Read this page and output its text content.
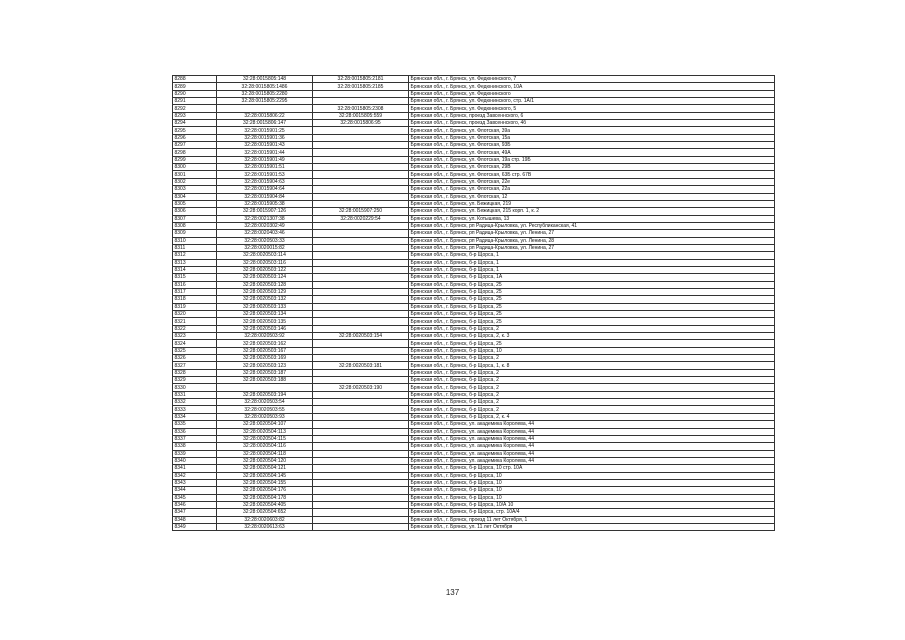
8288	32:28:0015805:148	32:28:0015805:2181	Брянская обл., г. Брянск, ул. Федюнинского, 7
8289	32:28:0015805:1486	32:28:0015805:2185	Брянская обл., г. Брянск, ул. Федюнинского, 10А
8290	32:28:0015805:2280		Брянская обл., г. Брянск, ул. Федюнинского
8291	32:28:0015805:2295		Брянская обл., г. Брянск, ул. Федюнинского, стр. 1А/1
8292		32:28:0015805:2308	Брянская обл., г. Брянск, ул. Федюнинского, 5
8293	32:28:0015806:22	32:28:0015805:559	Брянская обл., г. Брянск, проезд Завсеннского, 6
8294	32:28:0015806:147	32:28:0015806:95	Брянская обл., г. Брянск, проезд Завсеннского, 4б
8295	32:28:0015901:25		Брянская обл., г. Брянск, ул. Флотская, 39а
8296	32:28:0015901:36		Брянская обл., г. Брянск, ул. Флотская, 15а
8297	32:28:0015901:43		Брянская обл., г. Брянск, ул. Флотская, 93Б
8298	32:28:0015901:44		Брянская обл., г. Брянск, ул. Флотская, 49А
8299	32:28:0015901:49		Брянская обл., г. Брянск, ул. Флотская, 19а стр. 19Б
8300	32:28:0015901:51		Брянская обл., г. Брянск, ул. Флотская, 29В
8301	32:28:0015901:53		Брянская обл., г. Брянск, ул. Флотская, 63Б стр. 67В
8302	32:28:0015904:63		Брянская обл., г. Брянск, ул. Флотская, 22е
8303	32:28:0015904:64		Брянская обл., г. Брянск, ул. Флотская, 22а
8304	32:28:0015904:84		Брянская обл., г. Брянск, ул. Флотская, 12
8305	32:28:0015905:38		Брянская обл., г. Брянск, ул. Бежицкая, 219
8306	32:28:0015907:126	32:28:0015907:250	Брянская обл., г. Брянск, ул. Бежицкая, 215 корп. 1, к. 2
8307	32:28:0021307:38	32:28:0020229:54	Брянская обл., г. Брянск, ул. Котышева, 13
8308	32:28:0020302:49		Брянская обл., г. Брянск, рп Радица-Крыловка, ул. Республиканская, 41
8309	32:28:0020403:46		Брянская обл., г. Брянск, рп Радица-Крыловка, ул. Ленина, 27
8310	32:28:0020503:33		Брянская обл., г. Брянск, рп Радица-Крыловка, ул. Ленина, 28
8311	32:28:0020015:82		Брянская обл., г. Брянск, рп Радица-Крыловка, ул. Ленина, 27
8312	32:28:0020503:114		Брянская обл., г. Брянск, б-р Щорса, 1
8313	32:28:0020503:116		Брянская обл., г. Брянск, б-р Щорса, 1
8314	32:28:0020503:122		Брянская обл., г. Брянск, б-р Щорса, 1
8315	32:28:0020503:124		Брянская обл., г. Брянск, б-р Щорса, 1А
8316	32:28:0020503:128		Брянская обл., г. Брянск, б-р Щорса, 25
8317	32:28:0020503:129		Брянская обл., г. Брянск, б-р Щорса, 25
8318	32:28:0020503:132		Брянская обл., г. Брянск, б-р Щорса, 25
8319	32:28:0020503:133		Брянская обл., г. Брянск, б-р Щорса, 25
8320	32:28:0020503:134		Брянская обл., г. Брянск, б-р Щорса, 25
8321	32:28:0020503:135		Брянская обл., г. Брянск, б-р Щорса, 25
8322	32:28:0020503:146		Брянская обл., г. Брянск, б-р Щорса, 2
8323	32:28:0020503:92	32:28:0020503:154	Брянская обл., г. Брянск, б-р Щорса, 2, к. 3
8324	32:28:0020503:162		Брянская обл., г. Брянск, б-р Щорса, 25
8325	32:28:0020503:167		Брянская обл., г. Брянск, б-р Щорса, 10
8326	32:28:0020503:169		Брянская обл., г. Брянск, б-р Щорса, 2
8327	32:28:0020503:123	32:28:0020503:181	Брянская обл., г. Брянск, б-р Щорса, 1, к. 8
8328	32:28:0020503:187		Брянская обл., г. Брянск, б-р Щорса, 2
8329	32:28:0020503:188		Брянская обл., г. Брянск, б-р Щорса, 2
8330		32:28:0020503:190	Брянская обл., г. Брянск, б-р Щорса, 2
8331	32:28:0020503:194		Брянская обл., г. Брянск, б-р Щорса, 2
8332	32:28:0020503:54		Брянская обл., г. Брянск, б-р Щорса, 2
8333	32:28:0020503:55		Брянская обл., г. Брянск, б-р Щорса, 2
8334	32:28:0020503:93		Брянская обл., г. Брянск, б-р Щорса, 2, к. 4
8335	32:28:0020504:107		Брянская обл., г. Брянск, ул. академика Королева, 44
8336	32:28:0020504:113		Брянская обл., г. Брянск, ул. академика Королева, 44
8337	32:28:0020504:115		Брянская обл., г. Брянск, ул. академика Королева, 44
8338	32:28:0020504:116		Брянская обл., г. Брянск, ул. академика Королева, 44
8339	32:28:0020504:118		Брянская обл., г. Брянск, ул. академика Королева, 44
8340	32:28:0020504:120		Брянская обл., г. Брянск, ул. академика Королева, 44
8341	32:28:0020504:121		Брянская обл., г. Брянск, б-р Щорса, 10 стр. 10А
8342	32:28:0020504:145		Брянская обл., г. Брянск, б-р Щорса, 10
8343	32:28:0020504:155		Брянская обл., г. Брянск, б-р Щорса, 10
8344	32:28:0020504:176		Брянская обл., г. Брянск, б-р Щорса, 10
8345	32:28:0020504:178		Брянская обл., г. Брянск, б-р Щорса, 10
8346	32:28:0020504:405		Брянская обл., г. Брянск, б-р Щорса, 10/А 10
8347	32:28:0020504:652		Брянская обл., г. Брянск, б-р Щорса, стр. 10А/4
8348	32:28:0020603:82		Брянская обл., г. Брянск, проезд 11 лет Октября, 1
8349	32:28:0020613:63		Брянская обл., г. Брянск, ул. 11 лет Октября
137
